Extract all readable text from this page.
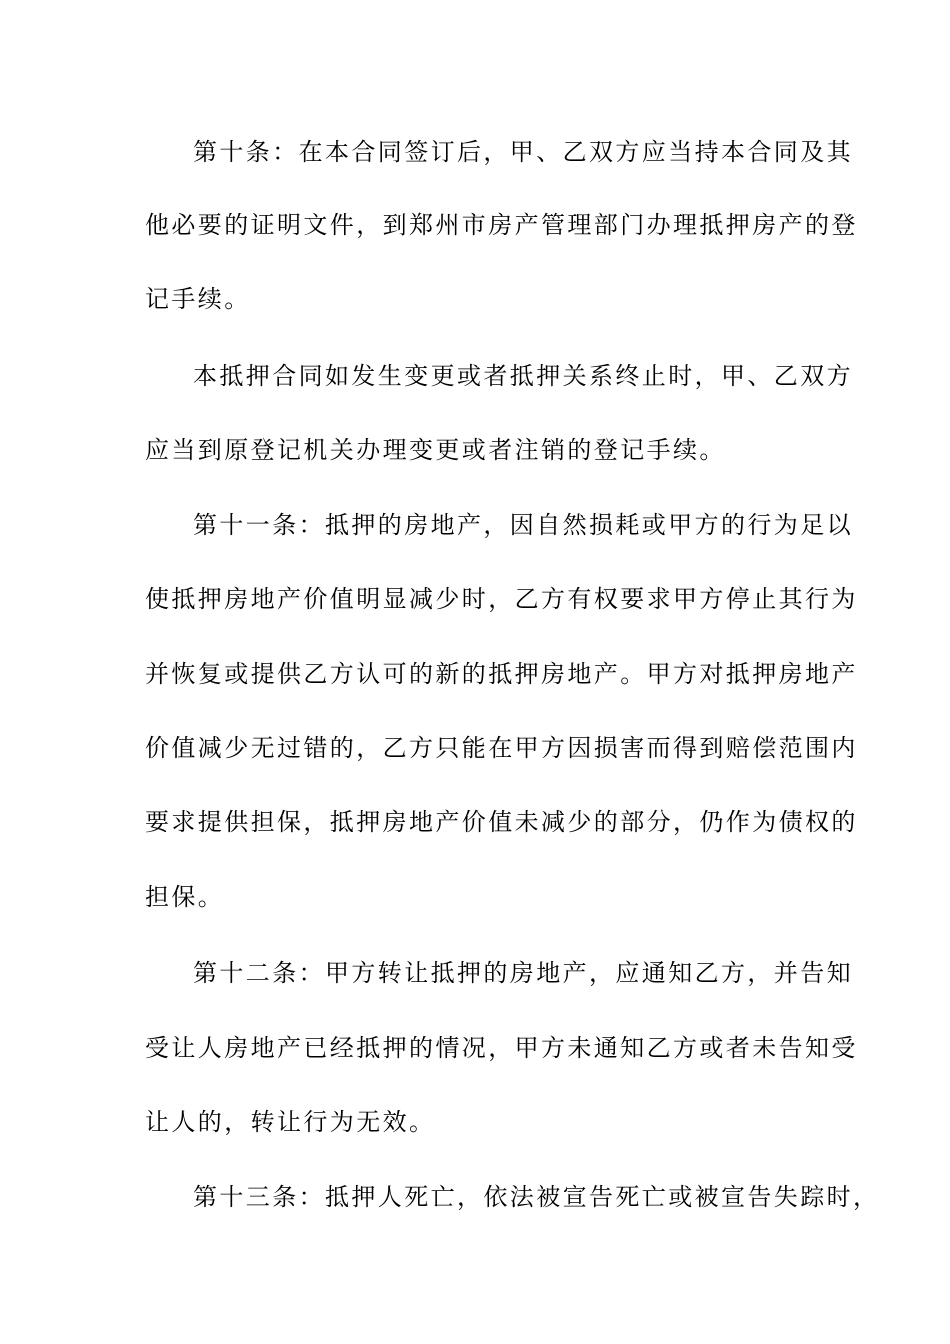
第十条：在本合同签订后，甲、乙双方应当持本合同及其
他必要的证明文件，到郑州市房产管理部门办理抵押房产的登
记手续。
本抵押合同如发生变更或者抵押关系终止时，甲、乙双方
应当到原登记机关办理变更或者注销的登记手续。
第十一条：抵押的房地产，因自然损耗或甲方的行为足以
使抵押房地产价值明显减少时，乙方有权要求甲方停止其行为
并恢复或提供乙方认可的新的抵押房地产。甲方对抵押房地产
价值减少无过错的，乙方只能在甲方因损害而得到赔偿范围内
要求提供担保，抵押房地产价值未减少的部分，仍作为债权的
担保。
第十二条：甲方转让抵押的房地产，应通知乙方，并告知
受让人房地产已经抵押的情况，甲方未通知乙方或者未告知受
让人的，转让行为无效。
第十三条：抵押人死亡，依法被宣告死亡或被宣告失踪时，
